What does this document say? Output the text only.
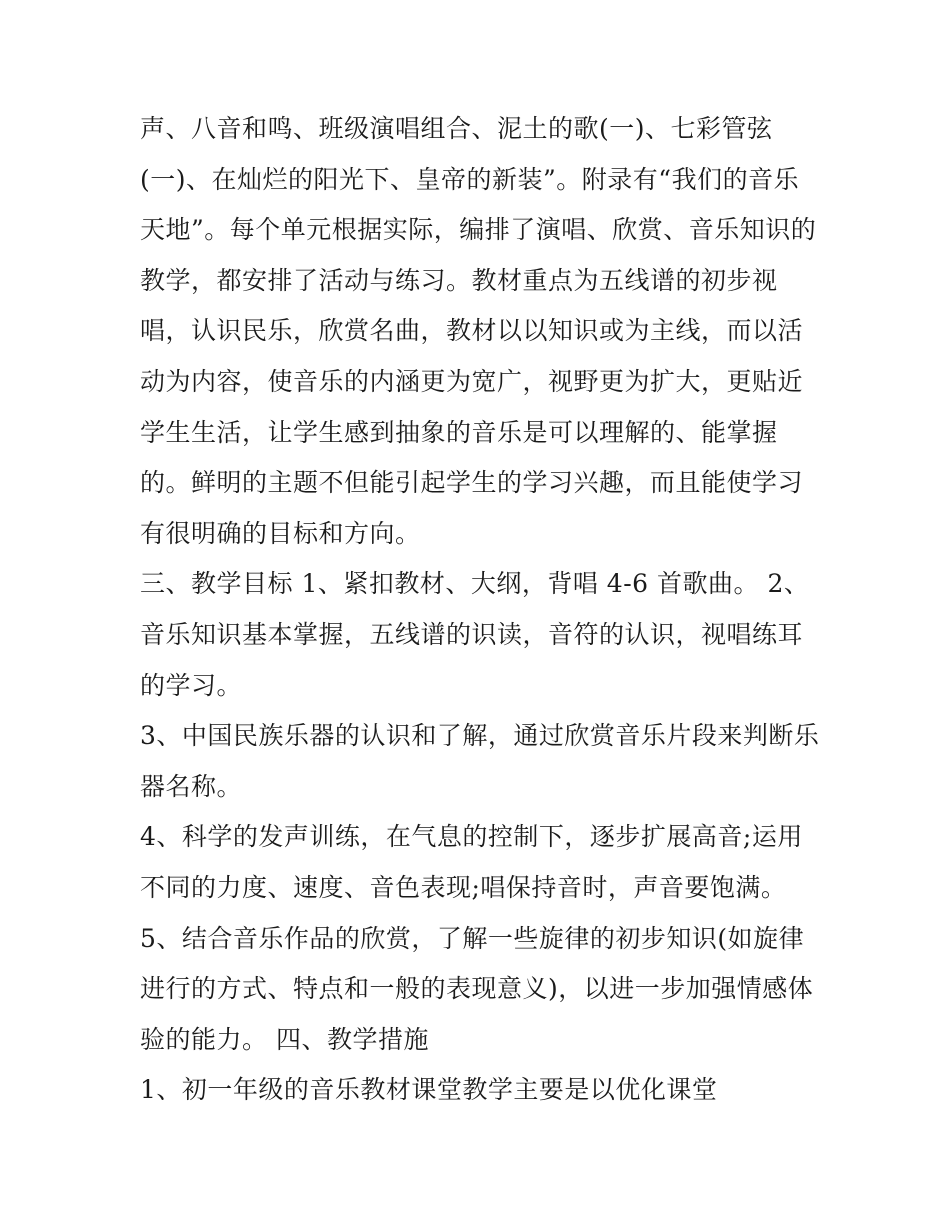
声、八音和鸣、班级演唱组合、泥土的歌(一)、七彩管弦(一)、在灿烂的阳光下、皇帝的新装”。附录有“我们的音乐天地”。每个单元根据实际，编排了演唱、欣赏、音乐知识的教学，都安排了活动与练习。教材重点为五线谱的初步视唱，认识民乐，欣赏名曲，教材以以知识或为主线，而以活动为内容，使音乐的内涵更为宽广，视野更为扩大，更贴近学生生活，让学生感到抽象的音乐是可以理解的、能掌握的。鲜明的主题不但能引起学生的学习兴趣，而且能使学习有很明确的目标和方向。

三、教学目标 1、紧扣教材、大纲，背唱 4-6 首歌曲。 2、音乐知识基本掌握，五线谱的识读，音符的认识，视唱练耳的学习。

3、中国民族乐器的认识和了解，通过欣赏音乐片段来判断乐器名称。

4、科学的发声训练，在气息的控制下，逐步扩展高音;运用不同的力度、速度、音色表现;唱保持音时，声音要饱满。

5、结合音乐作品的欣赏，了解一些旋律的初步知识(如旋律进行的方式、特点和一般的表现意义)，以进一步加强情感体验的能力。 四、教学措施

1、初一年级的音乐教材课堂教学主要是以优化课堂
